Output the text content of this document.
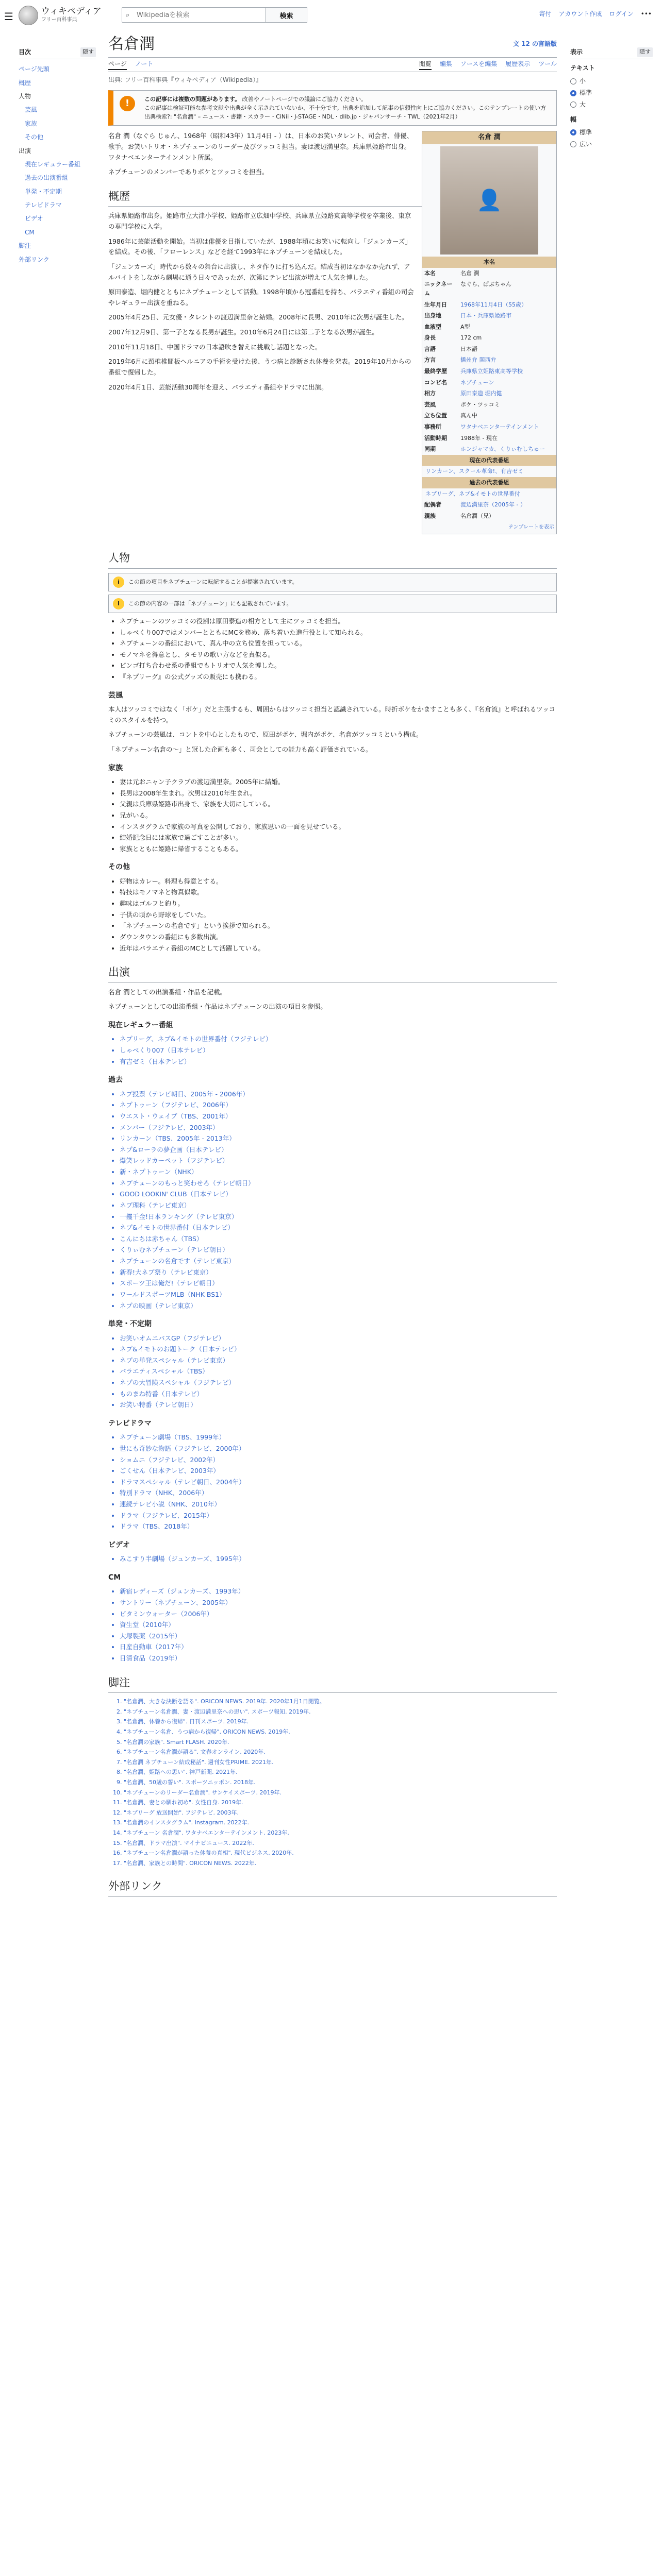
☰	ウィキペディア
フリー百科事典
⌕
Wikipediaを検索	検索	寄付 アカウント作成 ログイン •••
目次	隠す
ページ先頭
概歴
人物
芸風
家族
その他
出演
現在レギュラー番組
過去の出演番組
単発・不定期
テレビドラマ
ビデオ
CM
脚注
外部リンク
表示	隠す
テキスト
小
標準
大
幅
標準
広い
名倉潤	文 12 の言語版
ページ ノート	閲覧 編集 ソースを編集 履歴表示 ツール
出典: フリー百科事典『ウィキペディア（Wikipedia）』
!	この記事には複数の問題があります。 改善やノートページでの議論にご協力ください。
この記事は検証可能な参考文献や出典が全く示されていないか、不十分です。出典を追加して記事の信頼性向上にご協力ください。このテンプレートの使い方 出典検索?: "名倉潤" – ニュース・書籍・スカラー・CiNii・J-STAGE・NDL・dlib.jp・ジャパンサーチ・TWL（2021年2月）
名倉 潤
👤
本名
本名	名倉 潤
ニックネーム	なぐら、ぱぶちゃん
生年月日	1968年11月4日（55歳）
出身地	日本・兵庫県姫路市
血液型	A型
身長	172 cm
言語	日本語
方言	播州弁 関西弁
最終学歴	兵庫県立姫路東高等学校
コンビ名	ネプチューン
相方	原田泰造 堀内健
芸風	ボケ・ツッコミ
立ち位置	真ん中
事務所	ワタナベエンターテインメント
活動時期	1988年 - 現在
同期	ホンジャマカ、くりぃむしちゅー
現在の代表番組
リンカーン、スクール革命!、有吉ゼミ
過去の代表番組
ネプリーグ、ネプ&イモトの世界番付
配偶者	渡辺満里奈（2005年 - ）
親族	名倉潤（兄）
テンプレートを表示

名倉 潤（なぐら じゅん、1968年（昭和43年）11月4日 - ）は、日本のお笑いタレント、司会者、俳優、歌手。お笑いトリオ・ネプチューンのリーダー及びツッコミ担当。妻は渡辺満里奈。兵庫県姫路市出身。ワタナベエンターテインメント所属。

ネプチューンのメンバーでありボケとツッコミを担当。

概歴

兵庫県姫路市出身。姫路市立大津小学校、姫路市立広畑中学校、兵庫県立姫路東高等学校を卒業後、東京の専門学校に入学。

1986年に芸能活動を開始。当初は俳優を目指していたが、1988年頃にお笑いに転向し「ジュンカーズ」を結成。その後、「フローレンス」などを経て1993年にネプチューンを結成した。

「ジュンカーズ」時代から数々の舞台に出演し、ネタ作りに打ち込んだ。結成当初はなかなか売れず、アルバイトをしながら劇場に通う日々であったが、次第にテレビ出演が増えて人気を博した。

原田泰造、堀内健とともにネプチューンとして活動。1998年頃から冠番組を持ち、バラエティ番組の司会やレギュラー出演を重ねる。

2005年4月25日、元女優・タレントの渡辺満里奈と結婚。2008年に長男、2010年に次男が誕生した。

2007年12月9日、第一子となる長男が誕生。2010年6月24日には第二子となる次男が誕生。

2010年11月18日、中国ドラマの日本語吹き替えに挑戦し話題となった。

2019年6月に頚椎椎間板ヘルニアの手術を受けた後、うつ病と診断され休養を発表。2019年10月からの番組で復帰した。

2020年4月1日、芸能活動30周年を迎え、バラエティ番組やドラマに出演。

人物
i	この節の項目をネプチューンに転記することが提案されています。
i	この節の内容の一部は「ネプチューン」にも記載されています。
• ネプチューンのツッコミの役割は原田泰造の相方として主にツッコミを担当。
• しゃべくり007ではメンバーとともにMCを務め、落ち着いた進行役として知られる。
• ネプチューンの番組において、真ん中の立ち位置を担っている。
• モノマネを得意とし、タモリの歌い方などを真似る。
• ビンゴ打ち合わせ系の番組でもトリオで人気を博した。
• 『ネプリーグ』の公式グッズの販売にも携わる。
芸風

本人はツッコミではなく「ボケ」だと主張するも、周囲からはツッコミ担当と認識されている。時折ボケをかますことも多く、『名倉流』と呼ばれるツッコミのスタイルを持つ。

ネプチューンの芸風は、コントを中心としたもので、原田がボケ、堀内がボケ、名倉がツッコミという構成。

「ネプチューン名倉の〜」と冠した企画も多く、司会としての能力も高く評価されている。

家族
• 妻は元おニャン子クラブの渡辺満里奈。2005年に結婚。
• 長男は2008年生まれ。次男は2010年生まれ。
• 父親は兵庫県姫路市出身で、家族を大切にしている。
• 兄がいる。
• インスタグラムで家族の写真を公開しており、家族思いの一面を見せている。
• 結婚記念日には家族で過ごすことが多い。
• 家族とともに姫路に帰省することもある。
その他
• 好物はカレー。料理も得意とする。
• 特技はモノマネと物真似歌。
• 趣味はゴルフと釣り。
• 子供の頃から野球をしていた。
• 「ネプチューンの名倉です」という挨拶で知られる。
• ダウンタウンの番組にも多数出演。
• 近年はバラエティ番組のMCとして活躍している。
出演

名倉 潤としての出演番組・作品を記載。

ネプチューンとしての出演番組・作品はネプチューンの出演の項目を参照。

現在レギュラー番組
• ネプリーグ、ネプ&イモトの世界番付（フジテレビ）
• しゃべくり007（日本テレビ）
• 有吉ゼミ（日本テレビ）
過去
• ネプ投票（テレビ朝日、2005年 - 2006年）
• ネプトゥーン（フジテレビ、2006年）
• ウエスト・ウェイブ（TBS、2001年）
• メンバー（フジテレビ、2003年）
• リンカーン（TBS、2005年 - 2013年）
• ネプ&ローラの夢企画（日本テレビ）
• 爆笑レッドカーペット（フジテレビ）
• 新・ネプトゥーン（NHK）
• ネプチューンのもっと笑わせろ（テレビ朝日）
• GOOD LOOKIN' CLUB（日本テレビ）
• ネプ理科（テレビ東京）
• 一攫千金!日本ランキング（テレビ東京）
• ネプ&イモトの世界番付（日本テレビ）
• こんにちは赤ちゃん（TBS）
• くりぃむネプチューン（テレビ朝日）
• ネプチューンの名倉です（テレビ東京）
• 新春!大ネプ祭り（テレビ東京）
• スポーツ王は俺だ!（テレビ朝日）
• ワールドスポーツMLB（NHK BS1）
• ネプの映画（テレビ東京）
単発・不定期
• お笑いオムニバスGP（フジテレビ）
• ネプ&イモトのお題トーク（日本テレビ）
• ネプの単発スペシャル（テレビ東京）
• バラエティスペシャル（TBS）
• ネプの大冒険スペシャル（フジテレビ）
• ものまね特番（日本テレビ）
• お笑い特番（テレビ朝日）
テレビドラマ
• ネプチューン劇場（TBS、1999年）
• 世にも奇妙な物語（フジテレビ、2000年）
• ショムニ（フジテレビ、2002年）
• ごくせん（日本テレビ、2003年）
• ドラマスペシャル（テレビ朝日、2004年）
• 特別ドラマ（NHK、2006年）
• 連続テレビ小説（NHK、2010年）
• ドラマ（フジテレビ、2015年）
• ドラマ（TBS、2018年）
ビデオ
• みこすり半劇場（ジュンカーズ、1995年）
CM
• 新宿レディーズ（ジュンカーズ、1993年）
• サントリー（ネプチューン、2005年）
• ビタミンウォーター（2006年）
• 資生堂（2010年）
• 大塚製薬（2015年）
• 日産自動車（2017年）
• 日清食品（2019年）
脚注
1. "名倉潤、大きな決断を語る". ORICON NEWS. 2019年. 2020年1月1日閲覧。
2. "ネプチューン名倉潤、妻・渡辺満里奈への思い". スポーツ報知. 2019年.
3. "名倉潤、休養から復帰". 日刊スポーツ. 2019年.
4. "ネプチューン名倉、うつ病から復帰". ORICON NEWS. 2019年.
5. "名倉潤の家族". Smart FLASH. 2020年.
6. "ネプチューン名倉潤が語る". 文春オンライン. 2020年.
7. "名倉潤 ネプチューン結成秘話". 週刊女性PRIME. 2021年.
8. "名倉潤、姫路への思い". 神戸新聞. 2021年.
9. "名倉潤、50歳の誓い". スポーツニッポン. 2018年.
10. "ネプチューンのリーダー名倉潤". サンケイスポーツ. 2019年.
11. "名倉潤、妻との馴れ初め". 女性自身. 2019年.
12. "ネプリーグ 放送開始". フジテレビ. 2003年.
13. "名倉潤のインスタグラム". Instagram. 2022年.
14. "ネプチューン 名倉潤". ワタナベエンターテインメント. 2023年.
15. "名倉潤、ドラマ出演". マイナビニュース. 2022年.
16. "ネプチューン名倉潤が語った休養の真相". 現代ビジネス. 2020年.
17. "名倉潤、家族との時間". ORICON NEWS. 2022年.
外部リンク
